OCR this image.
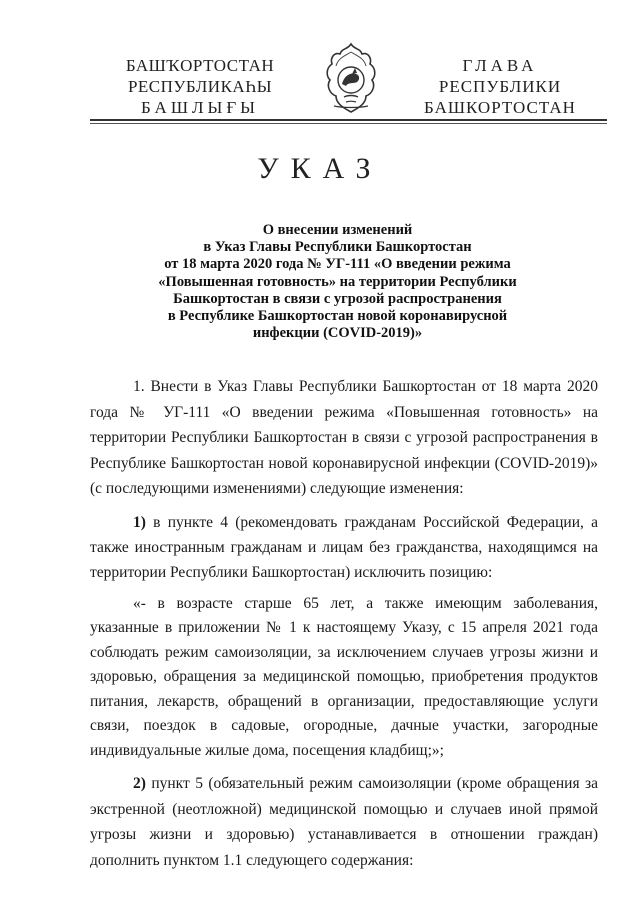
БАШҠОРТОСТАН
РЕСПУБЛИКАҺЫ
БАШЛЫҒЫ
ГЛАВА
РЕСПУБЛИКИ
БАШКОРТОСТАН
УКАЗ
О внесении изменений
в Указ Главы Республики Башкортостан
от 18 марта 2020 года № УГ-111 «О введении режима
«Повышенная готовность» на территории Республики
Башкортостан в связи с угрозой распространения
в Республике Башкортостан новой коронавирусной
инфекции (COVID-2019)»
1. Внести в Указ Главы Республики Башкортостан от 18 марта 2020 года № УГ-111 «О введении режима «Повышенная готовность» на территории Республики Башкортостан в связи с угрозой распространения в Республике Башкортостан новой коронавирусной инфекции (COVID-2019)» (с последующими изменениями) следующие изменения:
1) в пункте 4 (рекомендовать гражданам Российской Федерации, а также иностранным гражданам и лицам без гражданства, находящимся на территории Республики Башкортостан) исключить позицию:
«- в возрасте старше 65 лет, а также имеющим заболевания, указанные в приложении № 1 к настоящему Указу, с 15 апреля 2021 года соблюдать режим самоизоляции, за исключением случаев угрозы жизни и здоровью, обращения за медицинской помощью, приобретения продуктов питания, лекарств, обращений в организации, предоставляющие услуги связи, поездок в садовые, огородные, дачные участки, загородные индивидуальные жилые дома, посещения кладбищ;»;
2) пункт 5 (обязательный режим самоизоляции (кроме обращения за экстренной (неотложной) медицинской помощью и случаев иной прямой угрозы жизни и здоровью) устанавливается в отношении граждан) дополнить пунктом 1.1 следующего содержания:
